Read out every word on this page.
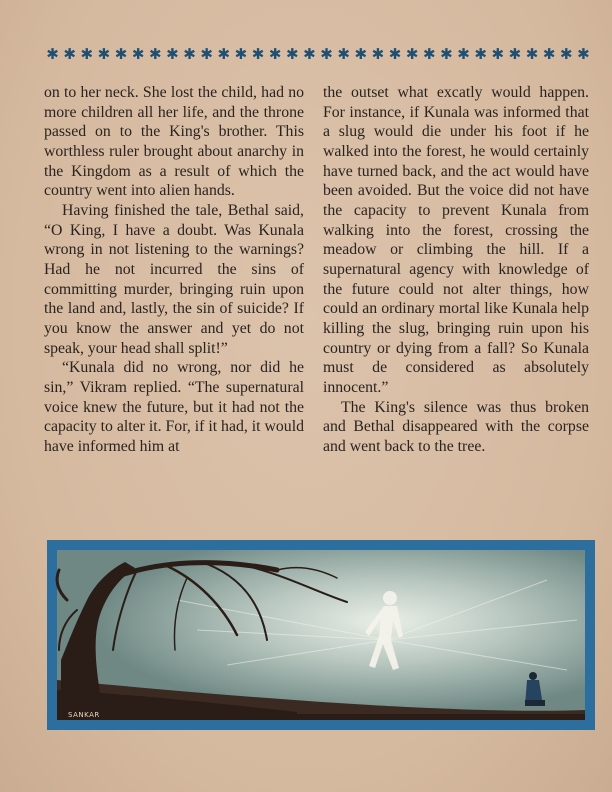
✱ ✱ ✱ ✱ ✱ ✱ ✱ ✱ ✱ ✱ ✱ ✱ ✱ ✱ ✱ ✱ ✱ ✱ ✱ ✱ ✱ ✱ ✱ ✱ ✱ ✱ ✱ ✱ ✱ ✱ ✱ ✱

on to her neck. She lost the child, had no more children all her life, and the throne passed on to the King's brother. This worthless ruler brought about anarchy in the Kingdom as a result of which the country went into alien hands.

Having finished the tale, Bethal said, “O King, I have a doubt. Was Kunala wrong in not listening to the warnings? Had he not incurred the sins of committing murder, bringing ruin upon the land and, lastly, the sin of suicide? If you know the answer and yet do not speak, your head shall split!”

“Kunala did no wrong, nor did he sin,” Vikram replied. “The supernatural voice knew the future, but it had not the capacity to alter it. For, if it had, it would have informed him at

the outset what excatly would happen. For instance, if Kunala was informed that a slug would die under his foot if he walked into the forest, he would certainly have turned back, and the act would have been avoided. But the voice did not have the capacity to prevent Kunala from walking into the forest, crossing the meadow or climbing the hill. If a supernatural agency with knowledge of the future could not alter things, how could an ordinary mortal like Kunala help killing the slug, bringing ruin upon his country or dying from a fall? So Kunala must de considered as absolutely innocent.”

The King's silence was thus broken and Bethal disappeared with the corpse and went back to the tree.

SANKAR
